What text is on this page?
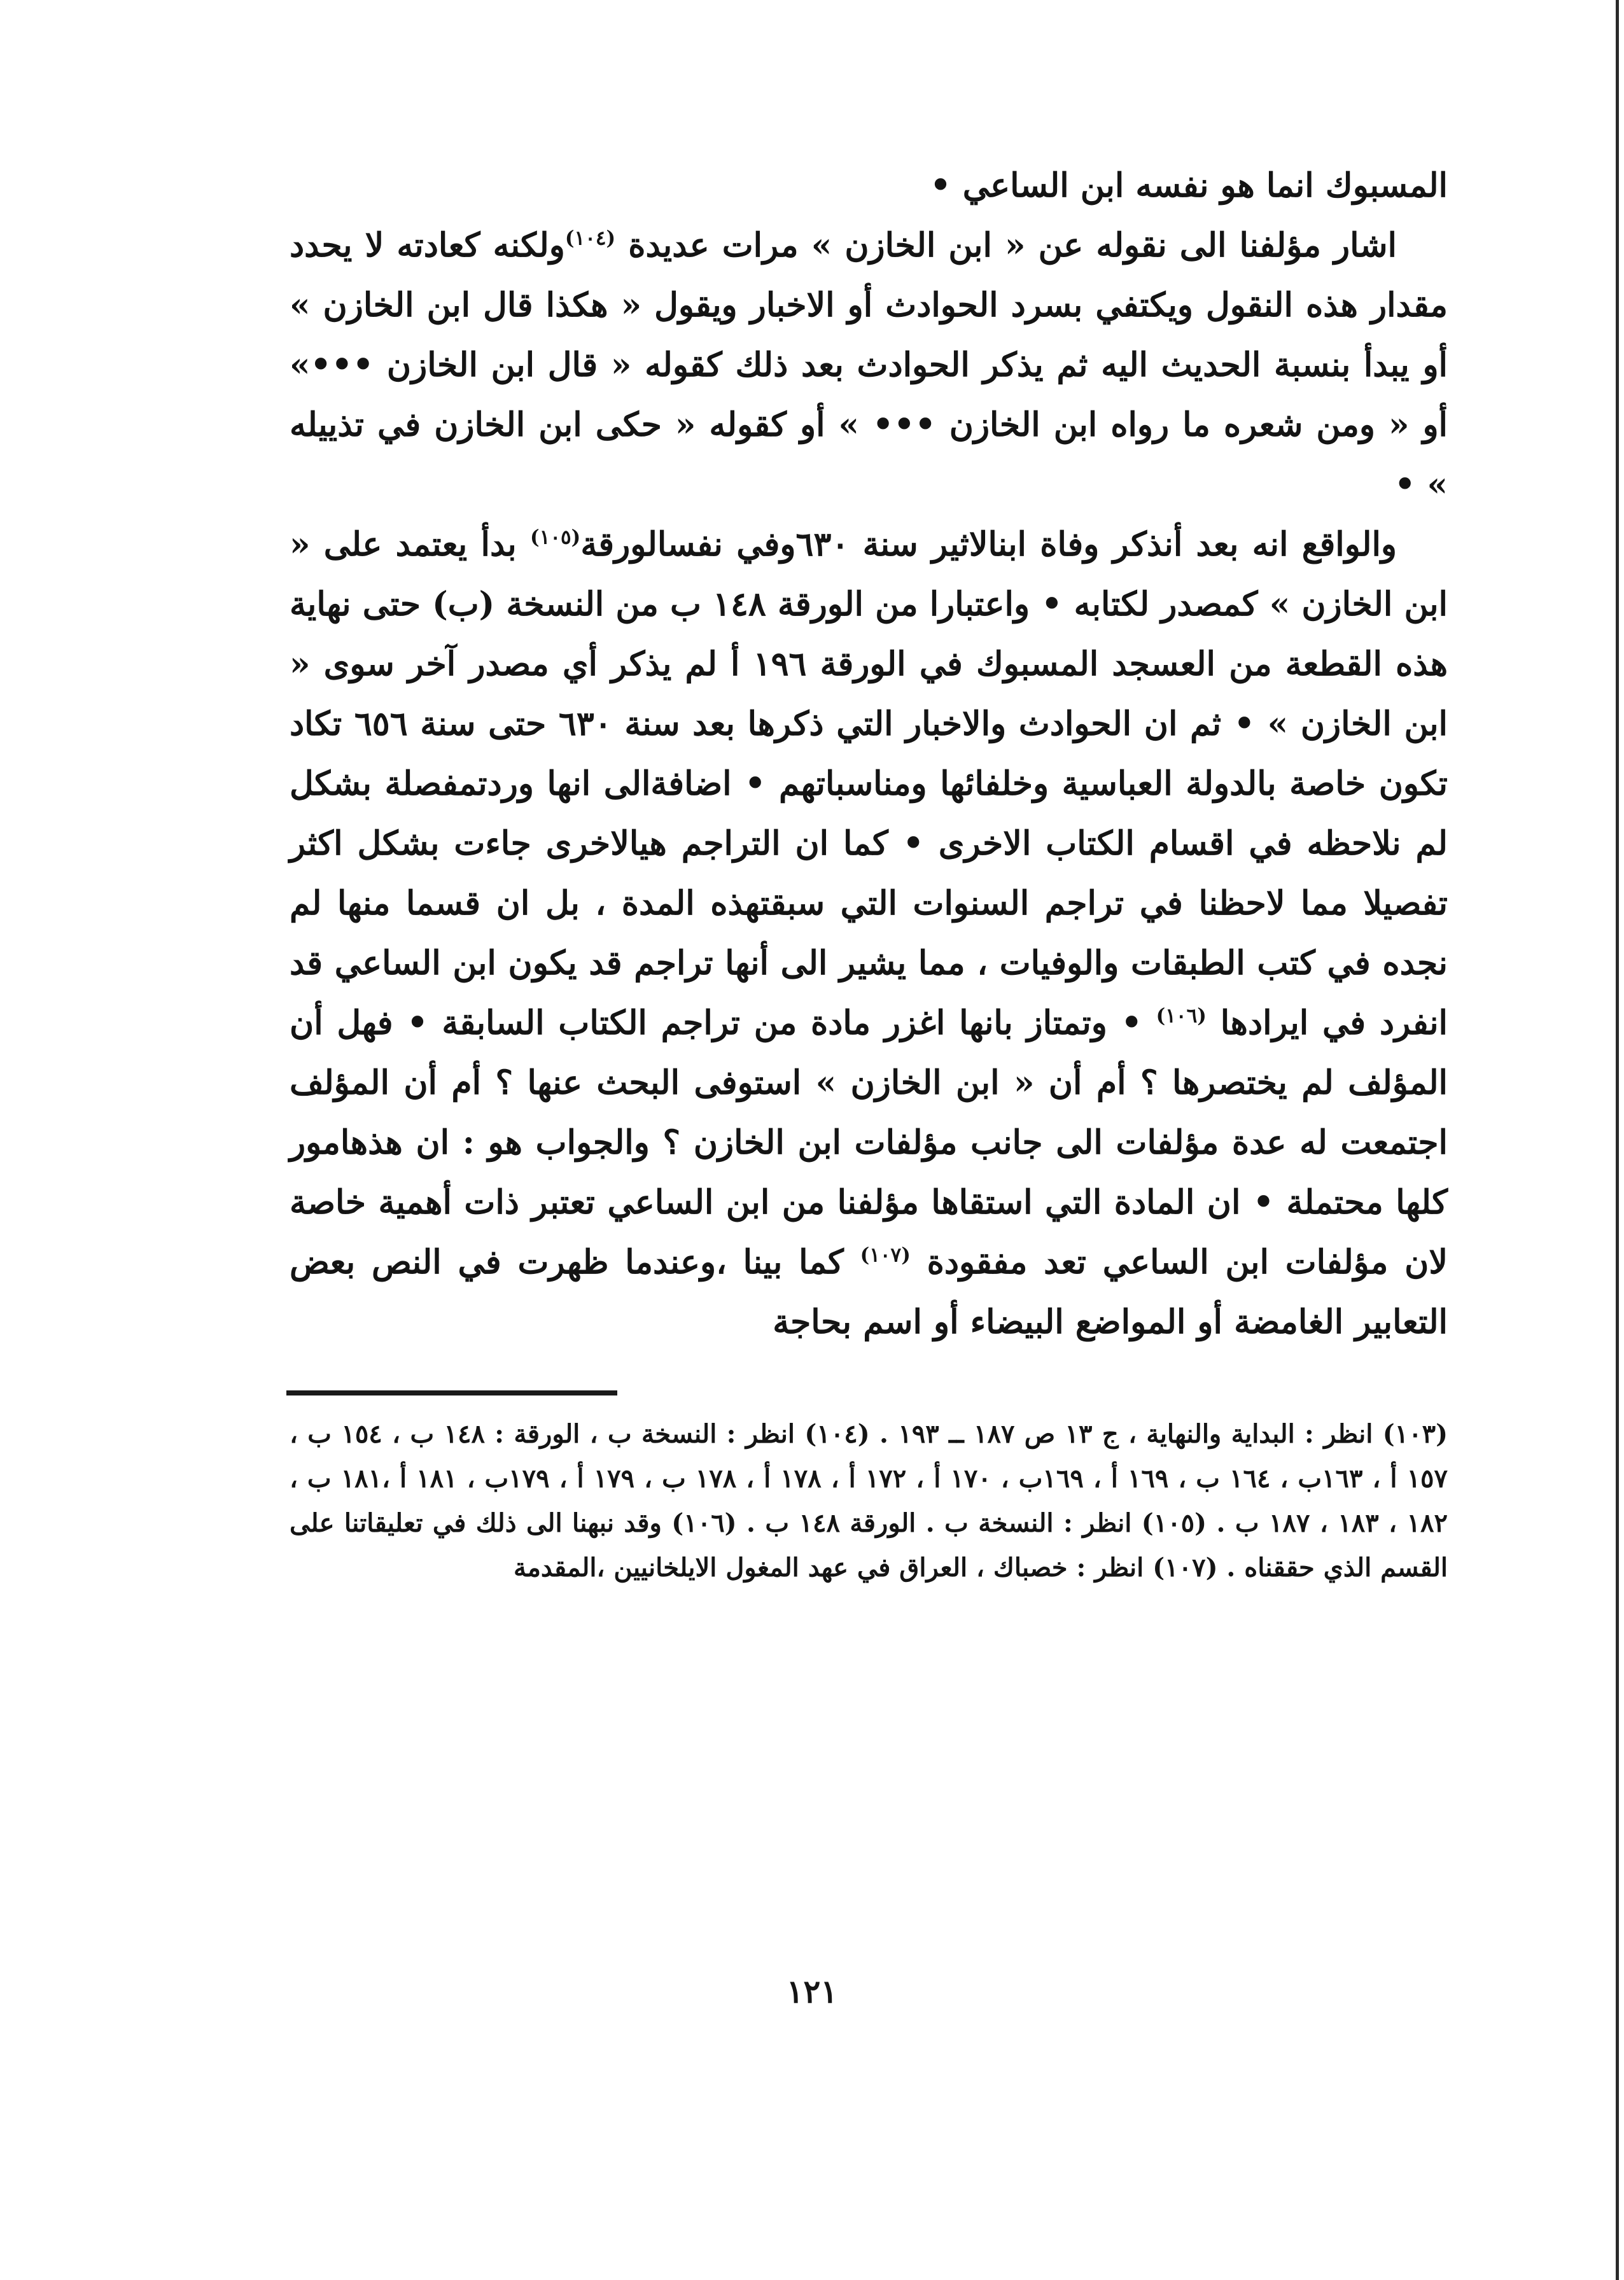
المسبوك انما هو نفسه ابن الساعي •

اشار مؤلفنا الى نقوله عن « ابن الخازن » مرات عديدة $^{(١٠٤)}$ولكنه كعادته لا يحدد مقدار هذه النقول ويكتفي بسرد الحوادث أو الاخبار ويقول « هكذا قال ابن الخازن » أو يبدأ بنسبة الحديث اليه ثم يذكر الحوادث بعد ذلك كقوله « قال ابن الخازن •••» أو « ومن شعره ما رواه ابن الخازن ••• » أو كقوله « حكى ابن الخازن في تذييله » •

والواقع انه بعد أنذكر وفاة ابنالاثير سنة ٦٣٠وفي نفسالورقة$^{(١٠٥)}$ بدأ يعتمد على « ابن الخازن » كمصدر لكتابه • واعتبارا من الورقة ١٤٨ ب من النسخة (ب) حتى نهاية هذه القطعة من العسجد المسبوك في الورقة ١٩٦ أ لم يذكر أي مصدر آخر سوى « ابن الخازن » • ثم ان الحوادث والاخبار التي ذكرها بعد سنة ٦٣٠ حتى سنة ٦٥٦ تكاد تكون خاصة بالدولة العباسية وخلفائها ومناسباتهم • اضافةالى انها وردتمفصلة بشكل لم نلاحظه في اقسام الكتاب الاخرى • كما ان التراجم هيالاخرى جاءت بشكل اكثر تفصيلا مما لاحظنا في تراجم السنوات التي سبقتهذه المدة ، بل ان قسما منها لم نجده في كتب الطبقات والوفيات ، مما يشير الى أنها تراجم قد يكون ابن الساعي قد انفرد في ايرادها $^{(١٠٦)}$ • وتمتاز بانها اغزر مادة من تراجم الكتاب السابقة • فهل أن المؤلف لم يختصرها ؟ أم أن « ابن الخازن » استوفى البحث عنها ؟ أم أن المؤلف اجتمعت له عدة مؤلفات الى جانب مؤلفات ابن الخازن ؟ والجواب هو : ان هذهامور كلها محتملة • ان المادة التي استقاها مؤلفنا من ابن الساعي تعتبر ذات أهمية خاصة لان مؤلفات ابن الساعي تعد مفقودة $^{(١٠٧)}$ كما بينا ،وعندما ظهرت في النص بعض التعابير الغامضة أو المواضع البيضاء أو اسم بحاجة

(١٠٣) انظر : البداية والنهاية ، ج ١٣ ص ١٨٧ ــ ١٩٣ . (١٠٤) انظر : النسخة ب ، الورقة : ١٤٨ ب ، ١٥٤ ب ، ١٥٧ أ ، ١٦٣ب ، ١٦٤ ب ، ١٦٩ أ ، ١٦٩ب ، ١٧٠ أ ، ١٧٢ أ ، ١٧٨ أ ، ١٧٨ ب ، ١٧٩ أ ، ١٧٩ب ، ١٨١ أ ،١٨١ ب ، ١٨٢ ، ١٨٣ ، ١٨٧ ب . (١٠٥) انظر : النسخة ب . الورقة ١٤٨ ب . (١٠٦) وقد نبهنا الى ذلك في تعليقاتنا على القسم الذي حققناه . (١٠٧) انظر : خصباك ، العراق في عهد المغول الايلخانيين ،المقدمة
١٢١
